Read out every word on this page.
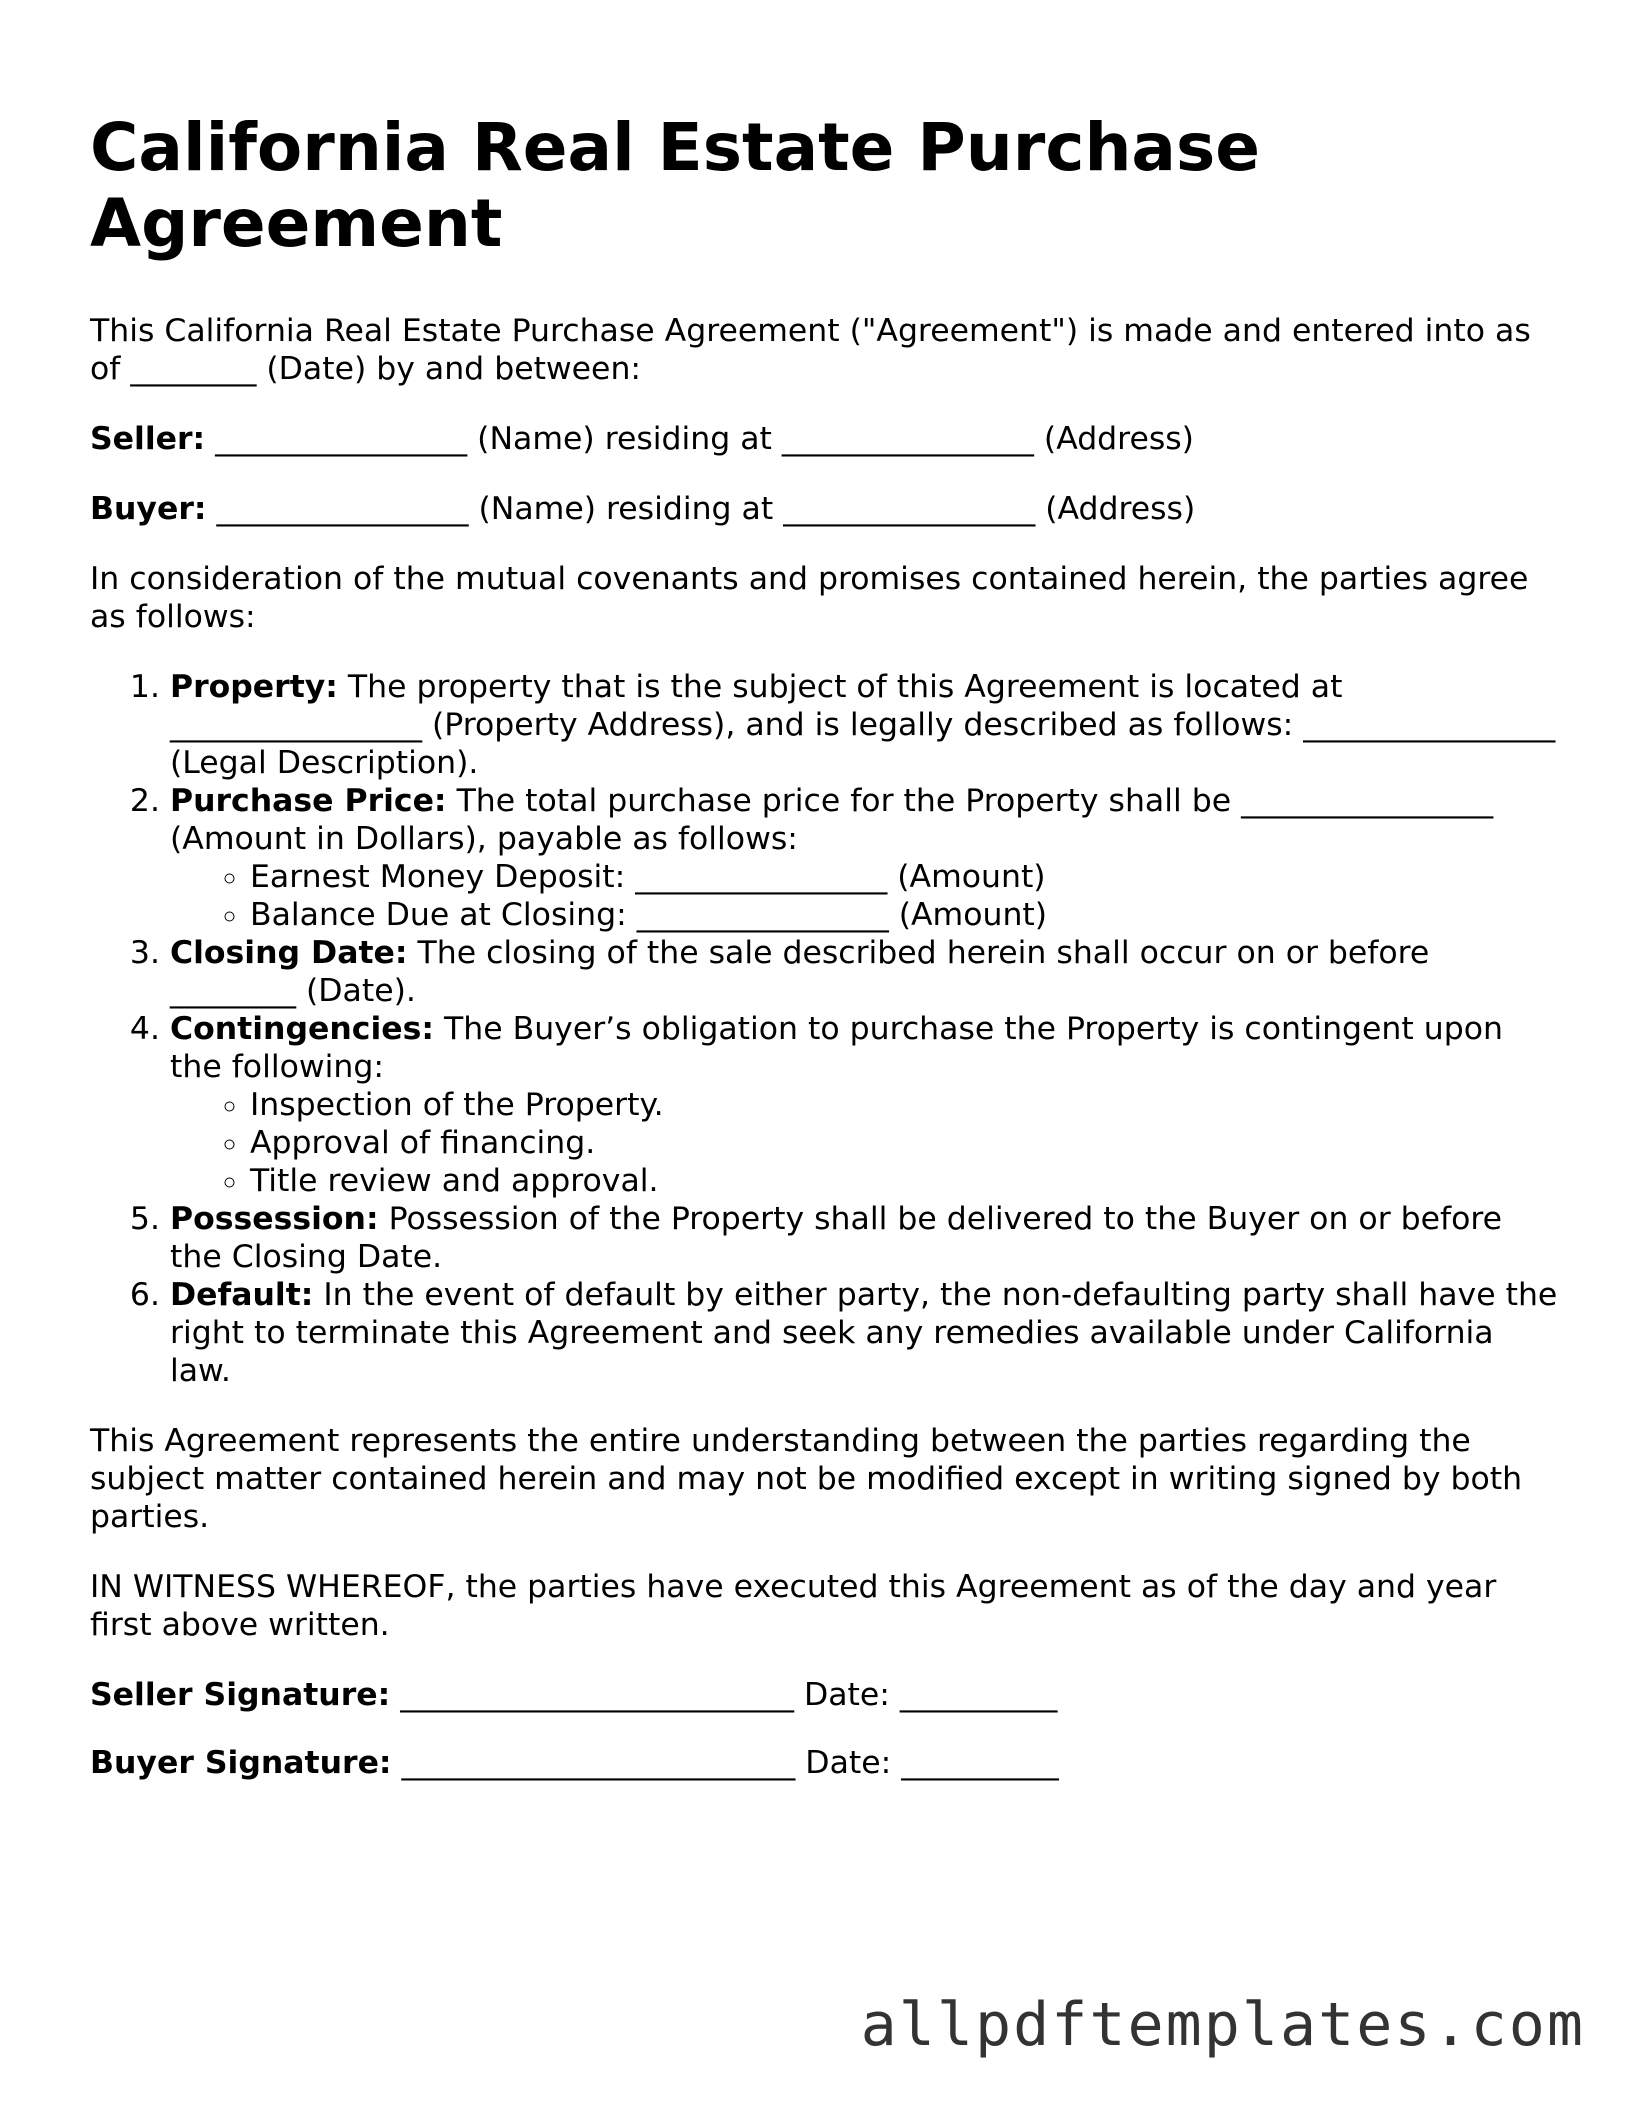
California Real Estate Purchase Agreement

This California Real Estate Purchase Agreement ("Agreement") is made and entered into as of ________ (Date) by and between:

Seller: ________________ (Name) residing at ________________ (Address)

Buyer: ________________ (Name) residing at ________________ (Address)

In consideration of the mutual covenants and promises contained herein, the parties agree as follows:

1. Property: The property that is the subject of this Agreement is located at ________________ (Property Address), and is legally described as follows: ________________ (Legal Description).
2. Purchase Price: The total purchase price for the Property shall be ________________ (Amount in Dollars), payable as follows:
◦ Earnest Money Deposit: ________________ (Amount)
◦ Balance Due at Closing: ________________ (Amount)
3. Closing Date: The closing of the sale described herein shall occur on or before ________ (Date).
4. Contingencies: The Buyer’s obligation to purchase the Property is contingent upon the following:
◦ Inspection of the Property.
◦ Approval of financing.
◦ Title review and approval.
5. Possession: Possession of the Property shall be delivered to the Buyer on or before the Closing Date.
6. Default: In the event of default by either party, the non-defaulting party shall have the right to terminate this Agreement and seek any remedies available under California law.

This Agreement represents the entire understanding between the parties regarding the subject matter contained herein and may not be modified except in writing signed by both parties.

IN WITNESS WHEREOF, the parties have executed this Agreement as of the day and year first above written.

Seller Signature: _________________________ Date: __________

Buyer Signature: _________________________ Date: __________

allpdftemplates.com
